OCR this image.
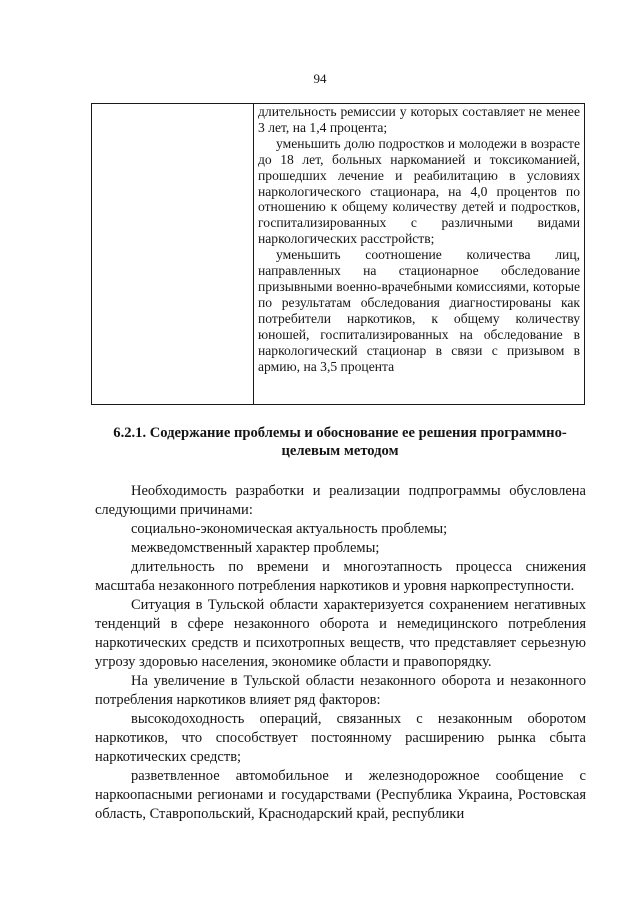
94

длительность ремиссии у которых составляет не менее 3 лет, на 1,4 процента;

уменьшить долю подростков и молодежи в возрасте до 18 лет, больных наркоманией и токсикоманией, прошедших лечение и реабилитацию в условиях наркологического стационара, на 4,0 процентов по отношению к общему количеству детей и подростков, госпитализированных с различными видами наркологических расстройств;

уменьшить соотношение количества лиц, направленных на стационарное обследование призывными военно-врачебными комиссиями, которые по результатам обследования диагностированы как потребители наркотиков, к общему количеству юношей, госпитализированных на обследование в наркологический стационар в связи с призывом в армию, на 3,5 процента

6.2.1. Содержание проблемы и обоснование ее решения программно-целевым методом

Необходимость разработки и реализации подпрограммы обусловлена следующими причинами:

социально-экономическая актуальность проблемы;

межведомственный характер проблемы;

длительность по времени и многоэтапность процесса снижения масштаба незаконного потребления наркотиков и уровня наркопреступности.

Ситуация в Тульской области характеризуется сохранением негативных тенденций в сфере незаконного оборота и немедицинского потребления наркотических средств и психотропных веществ, что представляет серьезную угрозу здоровью населения, экономике области и правопорядку.

На увеличение в Тульской области незаконного оборота и незаконного потребления наркотиков влияет ряд факторов:

высокодоходность операций, связанных с незаконным оборотом наркотиков, что способствует постоянному расширению рынка сбыта наркотических средств;

разветвленное автомобильное и железнодорожное сообщение с наркоопасными регионами и государствами (Республика Украина, Ростовская область, Ставропольский, Краснодарский край, республики
